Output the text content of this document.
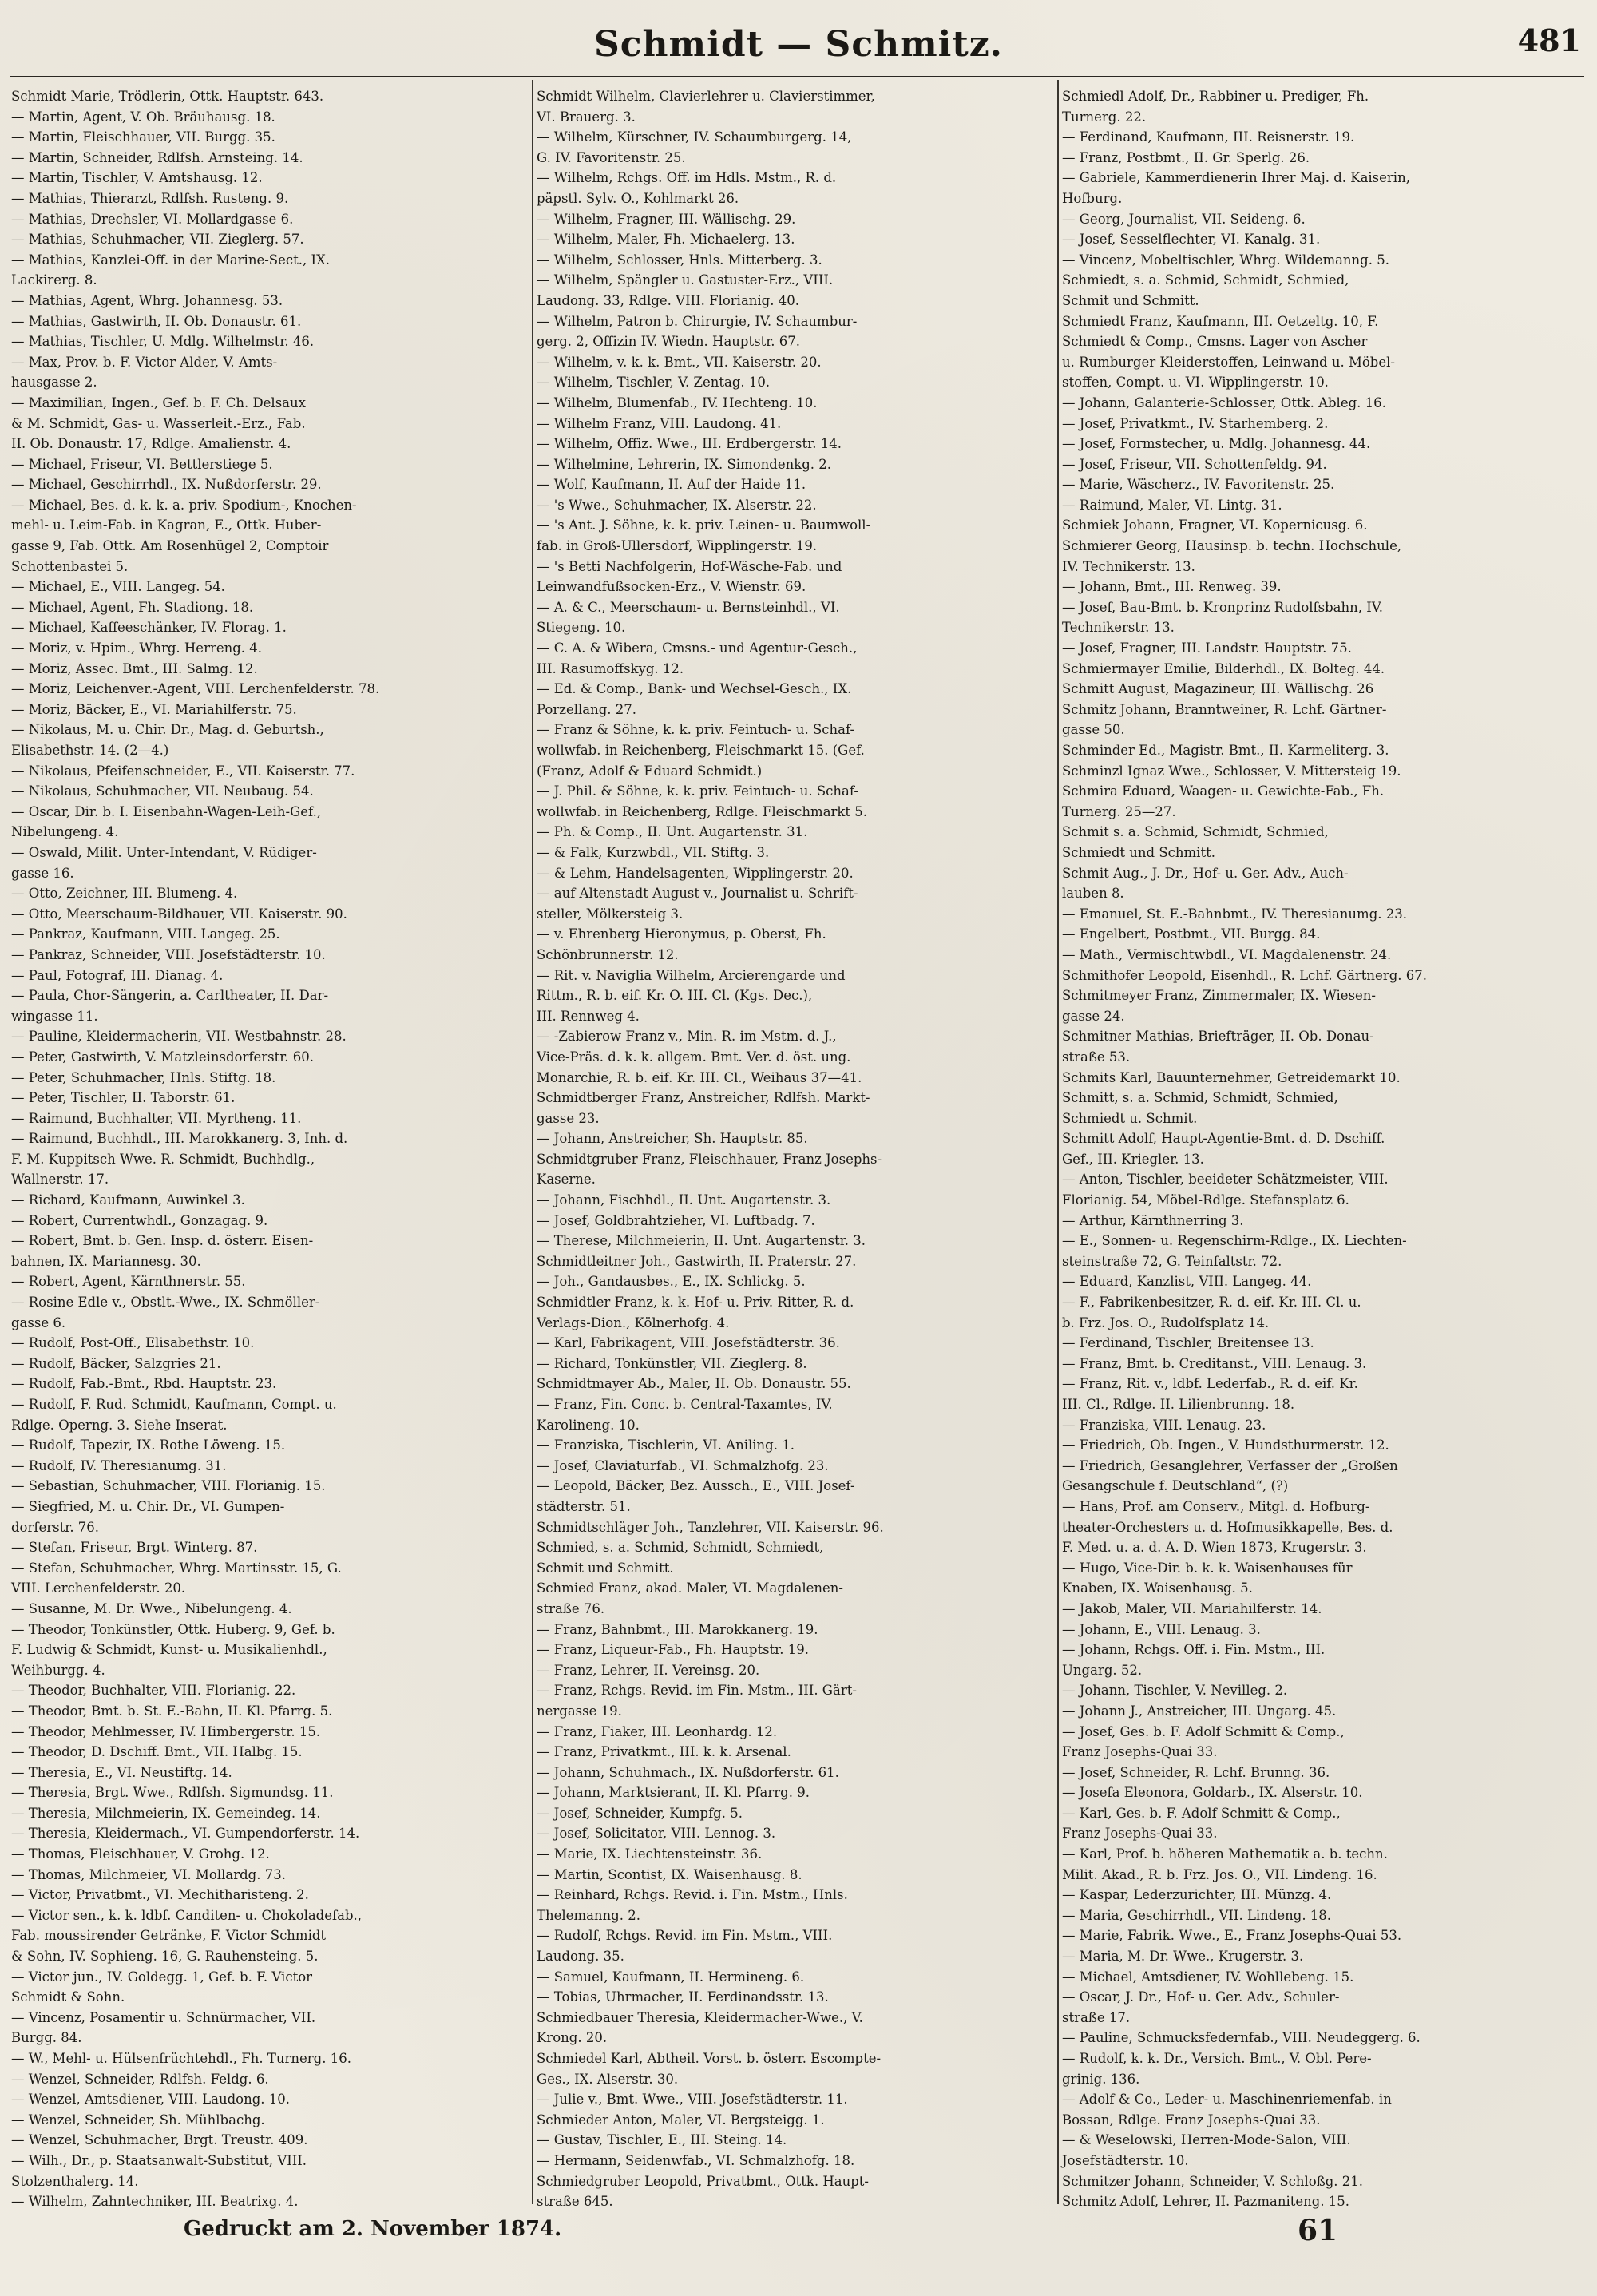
Schmidt — Schmitz.	481
Schmidt Marie, Trödlerin, Ottk. Hauptstr. 643.
— Martin, Agent, V. Ob. Bräuhausg. 18.
— Martin, Fleischhauer, VII. Burgg. 35.
— Martin, Schneider, Rdlfsh. Arnsteing. 14.
— Martin, Tischler, V. Amtshausg. 12.
— Mathias, Thierarzt, Rdlfsh. Rusteng. 9.
— Mathias, Drechsler, VI. Mollardgasse 6.
— Mathias, Schuhmacher, VII. Zieglerg. 57.
— Mathias, Kanzlei-Off. in der Marine-Sect., IX.
Lackirerg. 8.
— Mathias, Agent, Whrg. Johannesg. 53.
— Mathias, Gastwirth, II. Ob. Donaustr. 61.
— Mathias, Tischler, U. Mdlg. Wilhelmstr. 46.
— Max, Prov. b. F. Victor Alder, V. Amts-
hausgasse 2.
— Maximilian, Ingen., Gef. b. F. Ch. Delsaux
& M. Schmidt, Gas- u. Wasserleit.-Erz., Fab.
II. Ob. Donaustr. 17, Rdlge. Amalienstr. 4.
— Michael, Friseur, VI. Bettlerstiege 5.
— Michael, Geschirrhdl., IX. Nußdorferstr. 29.
— Michael, Bes. d. k. k. a. priv. Spodium-, Knochen-
mehl- u. Leim-Fab. in Kagran, E., Ottk. Huber-
gasse 9, Fab. Ottk. Am Rosenhügel 2, Comptoir
Schottenbastei 5.
— Michael, E., VIII. Langeg. 54.
— Michael, Agent, Fh. Stadiong. 18.
— Michael, Kaffeeschänker, IV. Florag. 1.
— Moriz, v. Hpim., Whrg. Herreng. 4.
— Moriz, Assec. Bmt., III. Salmg. 12.
— Moriz, Leichenver.-Agent, VIII. Lerchenfelderstr. 78.
— Moriz, Bäcker, E., VI. Mariahilferstr. 75.
— Nikolaus, M. u. Chir. Dr., Mag. d. Geburtsh.,
Elisabethstr. 14. (2—4.)
— Nikolaus, Pfeifenschneider, E., VII. Kaiserstr. 77.
— Nikolaus, Schuhmacher, VII. Neubaug. 54.
— Oscar, Dir. b. I. Eisenbahn-Wagen-Leih-Gef.,
Nibelungeng. 4.
— Oswald, Milit. Unter-Intendant, V. Rüdiger-
gasse 16.
— Otto, Zeichner, III. Blumeng. 4.
— Otto, Meerschaum-Bildhauer, VII. Kaiserstr. 90.
— Pankraz, Kaufmann, VIII. Langeg. 25.
— Pankraz, Schneider, VIII. Josefstädterstr. 10.
— Paul, Fotograf, III. Dianag. 4.
— Paula, Chor-Sängerin, a. Carltheater, II. Dar-
wingasse 11.
— Pauline, Kleidermacherin, VII. Westbahnstr. 28.
— Peter, Gastwirth, V. Matzleinsdorferstr. 60.
— Peter, Schuhmacher, Hnls. Stiftg. 18.
— Peter, Tischler, II. Taborstr. 61.
— Raimund, Buchhalter, VII. Myrtheng. 11.
— Raimund, Buchhdl., III. Marokkanerg. 3, Inh. d.
F. M. Kuppitsch Wwe. R. Schmidt, Buchhdlg.,
Wallnerstr. 17.
— Richard, Kaufmann, Auwinkel 3.
— Robert, Currentwhdl., Gonzagag. 9.
— Robert, Bmt. b. Gen. Insp. d. österr. Eisen-
bahnen, IX. Mariannesg. 30.
— Robert, Agent, Kärnthnerstr. 55.
— Rosine Edle v., Obstlt.-Wwe., IX. Schmöller-
gasse 6.
— Rudolf, Post-Off., Elisabethstr. 10.
— Rudolf, Bäcker, Salzgries 21.
— Rudolf, Fab.-Bmt., Rbd. Hauptstr. 23.
— Rudolf, F. Rud. Schmidt, Kaufmann, Compt. u.
Rdlge. Operng. 3. Siehe Inserat.
— Rudolf, Tapezir, IX. Rothe Löweng. 15.
— Rudolf, IV. Theresianumg. 31.
— Sebastian, Schuhmacher, VIII. Florianig. 15.
— Siegfried, M. u. Chir. Dr., VI. Gumpen-
dorferstr. 76.
— Stefan, Friseur, Brgt. Winterg. 87.
— Stefan, Schuhmacher, Whrg. Martinsstr. 15, G.
VIII. Lerchenfelderstr. 20.
— Susanne, M. Dr. Wwe., Nibelungeng. 4.
— Theodor, Tonkünstler, Ottk. Huberg. 9, Gef. b.
F. Ludwig & Schmidt, Kunst- u. Musikalienhdl.,
Weihburgg. 4.
— Theodor, Buchhalter, VIII. Florianig. 22.
— Theodor, Bmt. b. St. E.-Bahn, II. Kl. Pfarrg. 5.
— Theodor, Mehlmesser, IV. Himbergerstr. 15.
— Theodor, D. Dschiff. Bmt., VII. Halbg. 15.
— Theresia, E., VI. Neustiftg. 14.
— Theresia, Brgt. Wwe., Rdlfsh. Sigmundsg. 11.
— Theresia, Milchmeierin, IX. Gemeindeg. 14.
— Theresia, Kleidermach., VI. Gumpendorferstr. 14.
— Thomas, Fleischhauer, V. Grohg. 12.
— Thomas, Milchmeier, VI. Mollardg. 73.
— Victor, Privatbmt., VI. Mechitharisteng. 2.
— Victor sen., k. k. ldbf. Canditen- u. Chokoladefab.,
Fab. moussirender Getränke, F. Victor Schmidt
& Sohn, IV. Sophieng. 16, G. Rauhensteing. 5.
— Victor jun., IV. Goldegg. 1, Gef. b. F. Victor
Schmidt & Sohn.
— Vincenz, Posamentir u. Schnürmacher, VII.
Burgg. 84.
— W., Mehl- u. Hülsenfrüchtehdl., Fh. Turnerg. 16.
— Wenzel, Schneider, Rdlfsh. Feldg. 6.
— Wenzel, Amtsdiener, VIII. Laudong. 10.
— Wenzel, Schneider, Sh. Mühlbachg.
— Wenzel, Schuhmacher, Brgt. Treustr. 409.
— Wilh., Dr., p. Staatsanwalt-Substitut, VIII.
Stolzenthalerg. 14.
— Wilhelm, Zahntechniker, III. Beatrixg. 4.
Schmidt Wilhelm, Clavierlehrer u. Clavierstimmer,
VI. Brauerg. 3.
— Wilhelm, Kürschner, IV. Schaumburgerg. 14,
G. IV. Favoritenstr. 25.
— Wilhelm, Rchgs. Off. im Hdls. Mstm., R. d.
päpstl. Sylv. O., Kohlmarkt 26.
— Wilhelm, Fragner, III. Wällischg. 29.
— Wilhelm, Maler, Fh. Michaelerg. 13.
— Wilhelm, Schlosser, Hnls. Mitterberg. 3.
— Wilhelm, Spängler u. Gastuster-Erz., VIII.
Laudong. 33, Rdlge. VIII. Florianig. 40.
— Wilhelm, Patron b. Chirurgie, IV. Schaumbur-
gerg. 2, Offizin IV. Wiedn. Hauptstr. 67.
— Wilhelm, v. k. k. Bmt., VII. Kaiserstr. 20.
— Wilhelm, Tischler, V. Zentag. 10.
— Wilhelm, Blumenfab., IV. Hechteng. 10.
— Wilhelm Franz, VIII. Laudong. 41.
— Wilhelm, Offiz. Wwe., III. Erdbergerstr. 14.
— Wilhelmine, Lehrerin, IX. Simondenkg. 2.
— Wolf, Kaufmann, II. Auf der Haide 11.
— 's Wwe., Schuhmacher, IX. Alserstr. 22.
— 's Ant. J. Söhne, k. k. priv. Leinen- u. Baumwoll-
fab. in Groß-Ullersdorf, Wipplingerstr. 19.
— 's Betti Nachfolgerin, Hof-Wäsche-Fab. und
Leinwandfußsocken-Erz., V. Wienstr. 69.
— A. & C., Meerschaum- u. Bernsteinhdl., VI.
Stiegeng. 10.
— C. A. & Wibera, Cmsns.- und Agentur-Gesch.,
III. Rasumoffskyg. 12.
— Ed. & Comp., Bank- und Wechsel-Gesch., IX.
Porzellang. 27.
— Franz & Söhne, k. k. priv. Feintuch- u. Schaf-
wollwfab. in Reichenberg, Fleischmarkt 15. (Gef.
(Franz, Adolf & Eduard Schmidt.)
— J. Phil. & Söhne, k. k. priv. Feintuch- u. Schaf-
wollwfab. in Reichenberg, Rdlge. Fleischmarkt 5.
— Ph. & Comp., II. Unt. Augartenstr. 31.
— & Falk, Kurzwbdl., VII. Stiftg. 3.
— & Lehm, Handelsagenten, Wipplingerstr. 20.
— auf Altenstadt August v., Journalist u. Schrift-
steller, Mölkersteig 3.
— v. Ehrenberg Hieronymus, p. Oberst, Fh.
Schönbrunnerstr. 12.
— Rit. v. Naviglia Wilhelm, Arcierengarde und
Rittm., R. b. eif. Kr. O. III. Cl. (Kgs. Dec.),
III. Rennweg 4.
— -Zabierow Franz v., Min. R. im Mstm. d. J.,
Vice-Präs. d. k. k. allgem. Bmt. Ver. d. öst. ung.
Monarchie, R. b. eif. Kr. III. Cl., Weihaus 37—41.
Schmidtberger Franz, Anstreicher, Rdlfsh. Markt-
gasse 23.
— Johann, Anstreicher, Sh. Hauptstr. 85.
Schmidtgruber Franz, Fleischhauer, Franz Josephs-
Kaserne.
— Johann, Fischhdl., II. Unt. Augartenstr. 3.
— Josef, Goldbrahtzieher, VI. Luftbadg. 7.
— Therese, Milchmeierin, II. Unt. Augartenstr. 3.
Schmidtleitner Joh., Gastwirth, II. Praterstr. 27.
— Joh., Gandausbes., E., IX. Schlickg. 5.
Schmidtler Franz, k. k. Hof- u. Priv. Ritter, R. d.
Verlags-Dion., Kölnerhofg. 4.
— Karl, Fabrikagent, VIII. Josefstädterstr. 36.
— Richard, Tonkünstler, VII. Zieglerg. 8.
Schmidtmayer Ab., Maler, II. Ob. Donaustr. 55.
— Franz, Fin. Conc. b. Central-Taxamtes, IV.
Karolineng. 10.
— Franziska, Tischlerin, VI. Aniling. 1.
— Josef, Claviaturfab., VI. Schmalzhofg. 23.
— Leopold, Bäcker, Bez. Aussch., E., VIII. Josef-
städterstr. 51.
Schmidtschläger Joh., Tanzlehrer, VII. Kaiserstr. 96.
Schmied, s. a. Schmid, Schmidt, Schmiedt,
Schmit und Schmitt.
Schmied Franz, akad. Maler, VI. Magdalenen-
straße 76.
— Franz, Bahnbmt., III. Marokkanerg. 19.
— Franz, Liqueur-Fab., Fh. Hauptstr. 19.
— Franz, Lehrer, II. Vereinsg. 20.
— Franz, Rchgs. Revid. im Fin. Mstm., III. Gärt-
nergasse 19.
— Franz, Fiaker, III. Leonhardg. 12.
— Franz, Privatkmt., III. k. k. Arsenal.
— Johann, Schuhmach., IX. Nußdorferstr. 61.
— Johann, Marktsierant, II. Kl. Pfarrg. 9.
— Josef, Schneider, Kumpfg. 5.
— Josef, Solicitator, VIII. Lennog. 3.
— Marie, IX. Liechtensteinstr. 36.
— Martin, Scontist, IX. Waisenhausg. 8.
— Reinhard, Rchgs. Revid. i. Fin. Mstm., Hnls.
Thelemanng. 2.
— Rudolf, Rchgs. Revid. im Fin. Mstm., VIII.
Laudong. 35.
— Samuel, Kaufmann, II. Hermineng. 6.
— Tobias, Uhrmacher, II. Ferdinandsstr. 13.
Schmiedbauer Theresia, Kleidermacher-Wwe., V.
Krong. 20.
Schmiedel Karl, Abtheil. Vorst. b. österr. Escompte-
Ges., IX. Alserstr. 30.
— Julie v., Bmt. Wwe., VIII. Josefstädterstr. 11.
Schmieder Anton, Maler, VI. Bergsteigg. 1.
— Gustav, Tischler, E., III. Steing. 14.
— Hermann, Seidenwfab., VI. Schmalzhofg. 18.
Schmiedgruber Leopold, Privatbmt., Ottk. Haupt-
straße 645.
Schmiedl Adolf, Dr., Rabbiner u. Prediger, Fh.
Turnerg. 22.
— Ferdinand, Kaufmann, III. Reisnerstr. 19.
— Franz, Postbmt., II. Gr. Sperlg. 26.
— Gabriele, Kammerdienerin Ihrer Maj. d. Kaiserin,
Hofburg.
— Georg, Journalist, VII. Seideng. 6.
— Josef, Sesselflechter, VI. Kanalg. 31.
— Vincenz, Mobeltischler, Whrg. Wildemanng. 5.
Schmiedt, s. a. Schmid, Schmidt, Schmied,
Schmit und Schmitt.
Schmiedt Franz, Kaufmann, III. Oetzeltg. 10, F.
Schmiedt & Comp., Cmsns. Lager von Ascher
u. Rumburger Kleiderstoffen, Leinwand u. Möbel-
stoffen, Compt. u. VI. Wipplingerstr. 10.
— Johann, Galanterie-Schlosser, Ottk. Ableg. 16.
— Josef, Privatkmt., IV. Starhemberg. 2.
— Josef, Formstecher, u. Mdlg. Johannesg. 44.
— Josef, Friseur, VII. Schottenfeldg. 94.
— Marie, Wäscherz., IV. Favoritenstr. 25.
— Raimund, Maler, VI. Lintg. 31.
Schmiek Johann, Fragner, VI. Kopernicusg. 6.
Schmierer Georg, Hausinsp. b. techn. Hochschule,
IV. Technikerstr. 13.
— Johann, Bmt., III. Renweg. 39.
— Josef, Bau-Bmt. b. Kronprinz Rudolfsbahn, IV.
Technikerstr. 13.
— Josef, Fragner, III. Landstr. Hauptstr. 75.
Schmiermayer Emilie, Bilderhdl., IX. Bolteg. 44.
Schmitt August, Magazineur, III. Wällischg. 26
Schmitz Johann, Branntweiner, R. Lchf. Gärtner-
gasse 50.
Schminder Ed., Magistr. Bmt., II. Karmeliterg. 3.
Schminzl Ignaz Wwe., Schlosser, V. Mittersteig 19.
Schmira Eduard, Waagen- u. Gewichte-Fab., Fh.
Turnerg. 25—27.
Schmit s. a. Schmid, Schmidt, Schmied,
Schmiedt und Schmitt.
Schmit Aug., J. Dr., Hof- u. Ger. Adv., Auch-
lauben 8.
— Emanuel, St. E.-Bahnbmt., IV. Theresianumg. 23.
— Engelbert, Postbmt., VII. Burgg. 84.
— Math., Vermischtwbdl., VI. Magdalenenstr. 24.
Schmithofer Leopold, Eisenhdl., R. Lchf. Gärtnerg. 67.
Schmitmeyer Franz, Zimmermaler, IX. Wiesen-
gasse 24.
Schmitner Mathias, Briefträger, II. Ob. Donau-
straße 53.
Schmits Karl, Bauunternehmer, Getreidemarkt 10.
Schmitt, s. a. Schmid, Schmidt, Schmied,
Schmiedt u. Schmit.
Schmitt Adolf, Haupt-Agentie-Bmt. d. D. Dschiff.
Gef., III. Kriegler. 13.
— Anton, Tischler, beeideter Schätzmeister, VIII.
Florianig. 54, Möbel-Rdlge. Stefansplatz 6.
— Arthur, Kärnthnerring 3.
— E., Sonnen- u. Regenschirm-Rdlge., IX. Liechten-
steinstraße 72, G. Teinfaltstr. 72.
— Eduard, Kanzlist, VIII. Langeg. 44.
— F., Fabrikenbesitzer, R. d. eif. Kr. III. Cl. u.
b. Frz. Jos. O., Rudolfsplatz 14.
— Ferdinand, Tischler, Breitensee 13.
— Franz, Bmt. b. Creditanst., VIII. Lenaug. 3.
— Franz, Rit. v., ldbf. Lederfab., R. d. eif. Kr.
III. Cl., Rdlge. II. Lilienbrunng. 18.
— Franziska, VIII. Lenaug. 23.
— Friedrich, Ob. Ingen., V. Hundsthurmerstr. 12.
— Friedrich, Gesanglehrer, Verfasser der „Großen
Gesangschule f. Deutschland“, (?)
— Hans, Prof. am Conserv., Mitgl. d. Hofburg-
theater-Orchesters u. d. Hofmusikkapelle, Bes. d.
F. Med. u. a. d. A. D. Wien 1873, Krugerstr. 3.
— Hugo, Vice-Dir. b. k. k. Waisenhauses für
Knaben, IX. Waisenhausg. 5.
— Jakob, Maler, VII. Mariahilferstr. 14.
— Johann, E., VIII. Lenaug. 3.
— Johann, Rchgs. Off. i. Fin. Mstm., III.
Ungarg. 52.
— Johann, Tischler, V. Nevilleg. 2.
— Johann J., Anstreicher, III. Ungarg. 45.
— Josef, Ges. b. F. Adolf Schmitt & Comp.,
Franz Josephs-Quai 33.
— Josef, Schneider, R. Lchf. Brunng. 36.
— Josefa Eleonora, Goldarb., IX. Alserstr. 10.
— Karl, Ges. b. F. Adolf Schmitt & Comp.,
Franz Josephs-Quai 33.
— Karl, Prof. b. höheren Mathematik a. b. techn.
Milit. Akad., R. b. Frz. Jos. O., VII. Lindeng. 16.
— Kaspar, Lederzurichter, III. Münzg. 4.
— Maria, Geschirrhdl., VII. Lindeng. 18.
— Marie, Fabrik. Wwe., E., Franz Josephs-Quai 53.
— Maria, M. Dr. Wwe., Krugerstr. 3.
— Michael, Amtsdiener, IV. Wohllebeng. 15.
— Oscar, J. Dr., Hof- u. Ger. Adv., Schuler-
straße 17.
— Pauline, Schmucksfedernfab., VIII. Neudeggerg. 6.
— Rudolf, k. k. Dr., Versich. Bmt., V. Obl. Pere-
grinig. 136.
— Adolf & Co., Leder- u. Maschinenriemenfab. in
Bossan, Rdlge. Franz Josephs-Quai 33.
— & Weselowski, Herren-Mode-Salon, VIII.
Josefstädterstr. 10.
Schmitzer Johann, Schneider, V. Schloßg. 21.
Schmitz Adolf, Lehrer, II. Pazmaniteng. 15.
Gedruckt am 2. November 1874.	61
